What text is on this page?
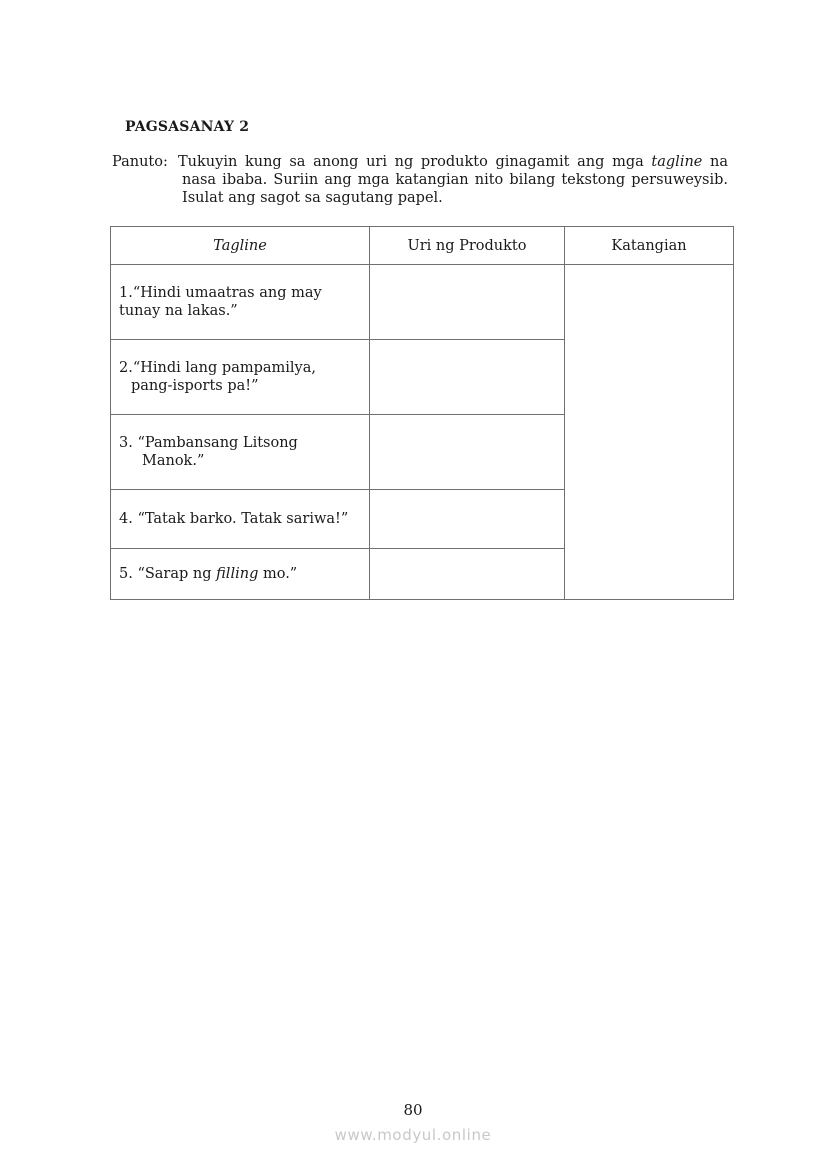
PAGSASANAY 2
Panuto: Tukuyin kung sa anong uri ng produkto ginagamit ang mga tagline na
nasa ibaba. Suriin ang mga katangian nito bilang tekstong persuweysib.
Isulat ang sagot sa sagutang papel.
Tagline	Uri ng Produkto	Katangian

1.“Hindi umaatras ang may
tunay na lakas.”		

2.“Hindi lang pampamilya,
pang-isports pa!”		

3. “Pambansang Litsong
Manok.”		

4. “Tatak barko. Tatak sariwa!”		
5. “Sarap ng filling mo.”		
80
www.modyul.online
